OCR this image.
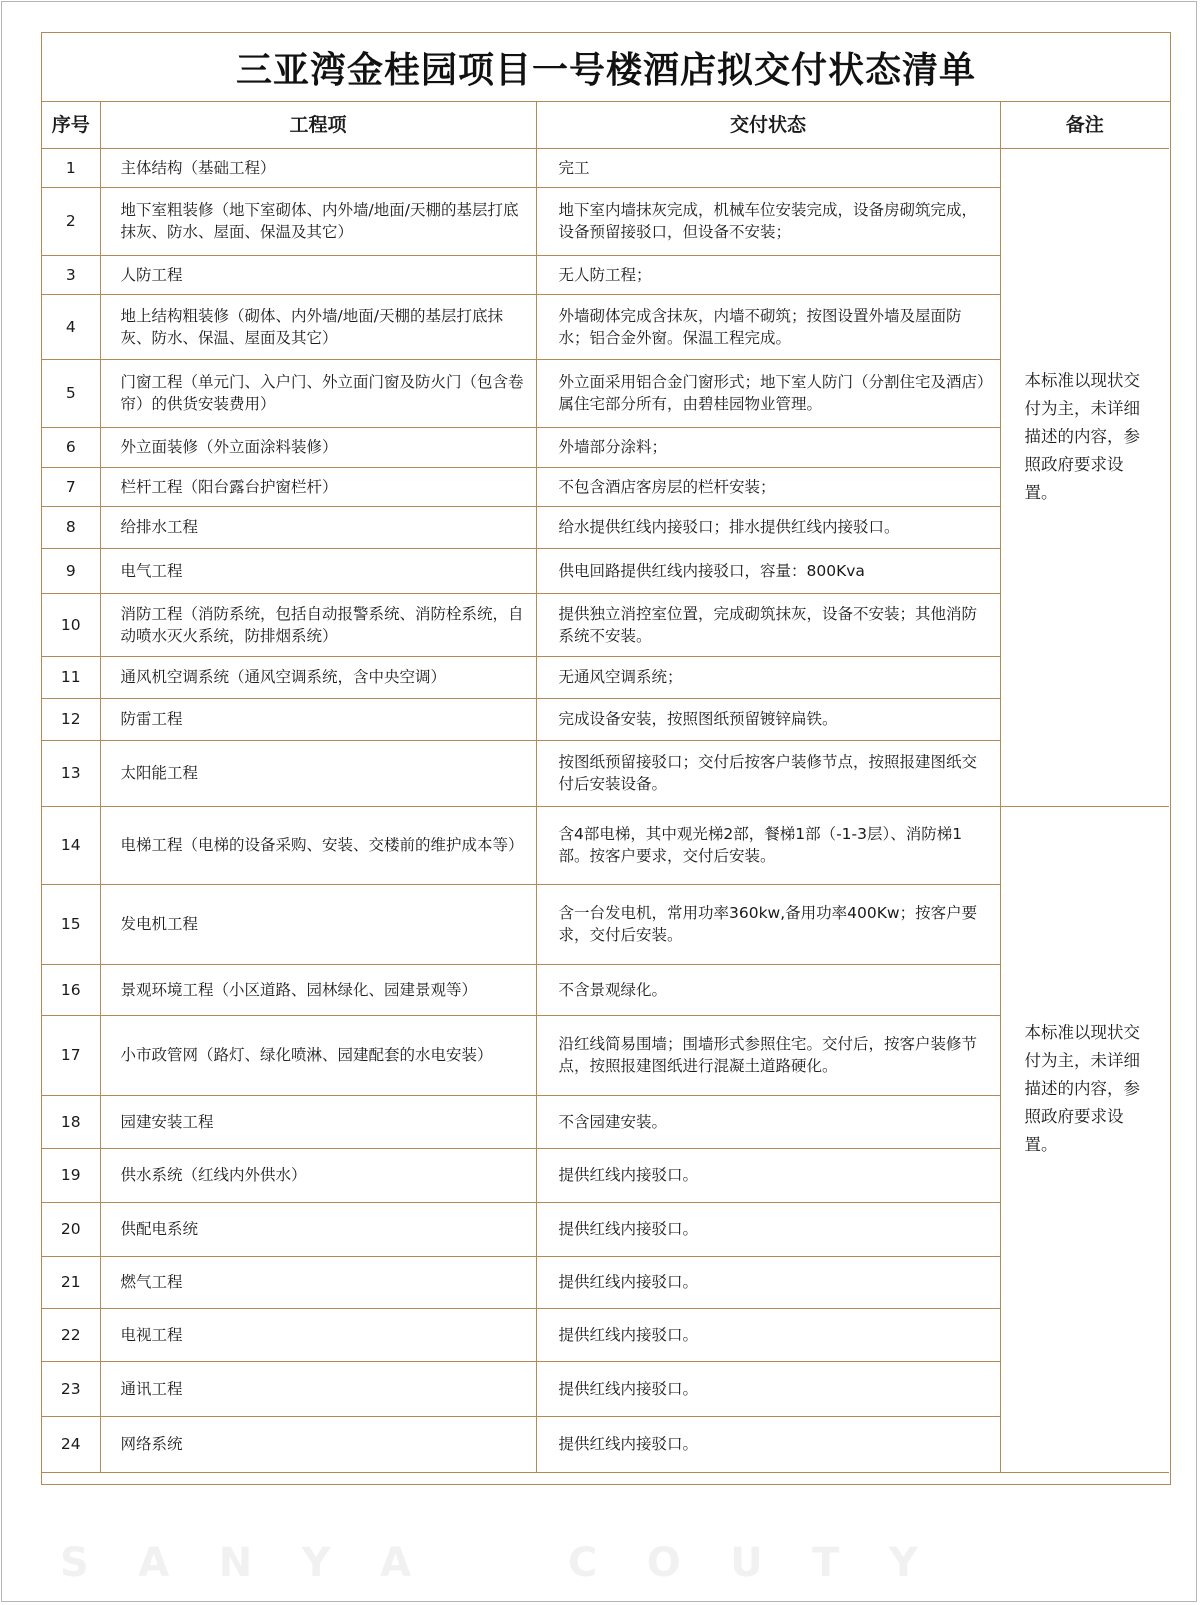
三亚湾金桂园项目一号楼酒店拟交付状态清单
序号	工程项	交付状态	备注
1	主体结构（基础工程）	完工	本标准以现状交付为主，未详细描述的内容，参照政府要求设置。
2	地下室粗装修（地下室砌体、内外墙/地面/天棚的基层打底抹灰、防水、屋面、保温及其它）	地下室内墙抹灰完成，机械车位安装完成，设备房砌筑完成，设备预留接驳口，但设备不安装；	
3	人防工程	无人防工程；	
4	地上结构粗装修（砌体、内外墙/地面/天棚的基层打底抹灰、防水、保温、屋面及其它）	外墙砌体完成含抹灰，内墙不砌筑；按图设置外墙及屋面防水；铝合金外窗。保温工程完成。	
5	门窗工程（单元门、入户门、外立面门窗及防火门（包含卷帘）的供货安装费用）	外立面采用铝合金门窗形式；地下室人防门（分割住宅及酒店）属住宅部分所有，由碧桂园物业管理。	
6	外立面装修（外立面涂料装修）	外墙部分涂料；	
7	栏杆工程（阳台露台护窗栏杆）	不包含酒店客房层的栏杆安装；	
8	给排水工程	给水提供红线内接驳口；排水提供红线内接驳口。	
9	电气工程	供电回路提供红线内接驳口，容量：800Kva	
10	消防工程（消防系统，包括自动报警系统、消防栓系统，自动喷水灭火系统，防排烟系统）	提供独立消控室位置，完成砌筑抹灰，设备不安装；其他消防系统不安装。	
11	通风机空调系统（通风空调系统，含中央空调）	无通风空调系统；	
12	防雷工程	完成设备安装，按照图纸预留镀锌扁铁。	
13	太阳能工程	按图纸预留接驳口；交付后按客户装修节点，按照报建图纸交付后安装设备。	
14	电梯工程（电梯的设备采购、安装、交楼前的维护成本等）	含4部电梯，其中观光梯2部，餐梯1部（-1-3层）、消防梯1部。按客户要求，交付后安装。	本标准以现状交付为主，未详细描述的内容，参照政府要求设置。
15	发电机工程	含一台发电机，常用功率360kw,备用功率400Kw；按客户要求，交付后安装。	
16	景观环境工程（小区道路、园林绿化、园建景观等）	不含景观绿化。	
17	小市政管网（路灯、绿化喷淋、园建配套的水电安装）	沿红线简易围墙；围墙形式参照住宅。交付后，按客户装修节点，按照报建图纸进行混凝土道路硬化。	
18	园建安装工程	不含园建安装。	
19	供水系统（红线内外供水）	提供红线内接驳口。	
20	供配电系统	提供红线内接驳口。	
21	燃气工程	提供红线内接驳口。	
22	电视工程	提供红线内接驳口。	
23	通讯工程	提供红线内接驳口。	
24	网络系统	提供红线内接驳口。	
S A N Y A	C O U T Y
